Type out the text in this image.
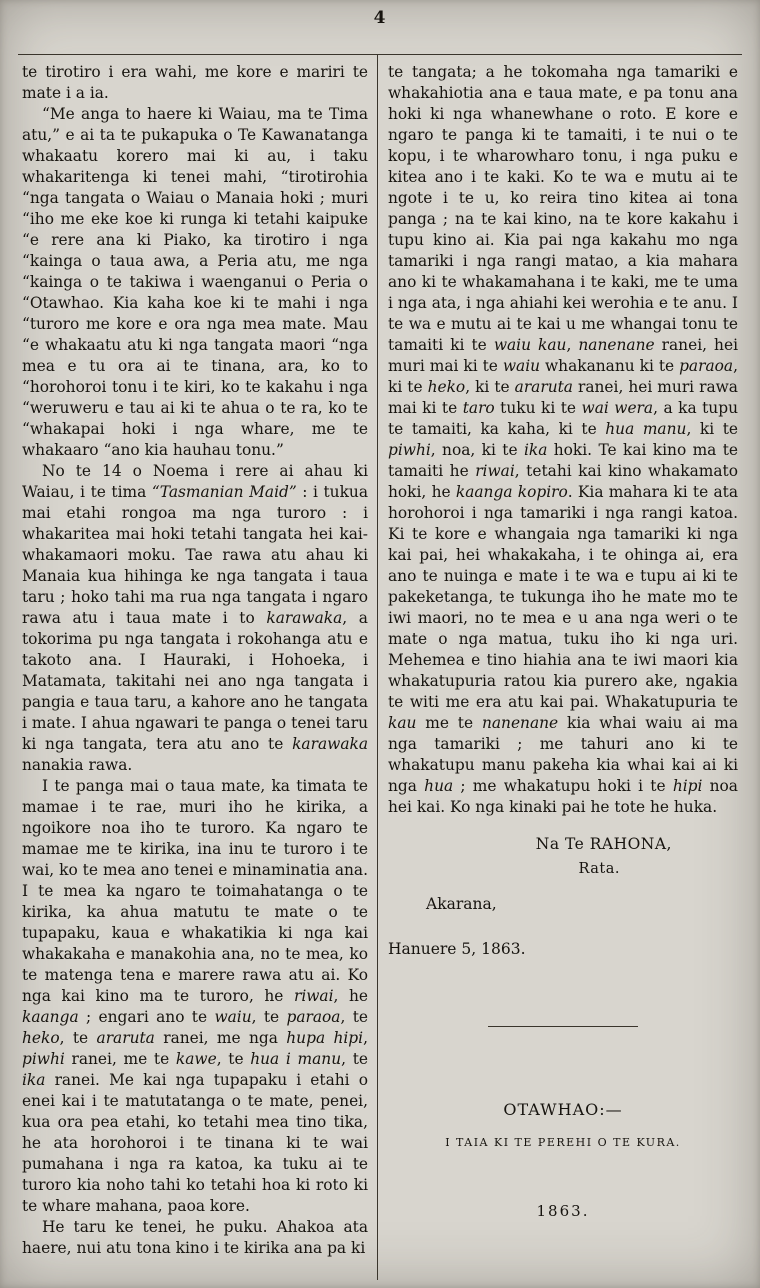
4

te tirotiro i era wahi, me kore e mariri te mate i a ia.

“Me anga to haere ki Waiau, ma te Tima atu,” e ai ta te pukapuka o Te Kawanatanga whakaatu korero mai ki au, i taku whakaritenga ki tenei mahi, “tirotirohia “nga tangata o Waiau o Manaia hoki ; muri “iho me eke koe ki runga ki tetahi kaipuke “e rere ana ki Piako, ka tirotiro i nga “kainga o taua awa, a Peria atu, me nga “kainga o te takiwa i waenganui o Peria o “Otawhao. Kia kaha koe ki te mahi i nga “turoro me kore e ora nga mea mate. Mau “e whakaatu atu ki nga tangata maori “nga mea e tu ora ai te tinana, ara, ko to “horohoroi tonu i te kiri, ko te kakahu i nga “weruweru e tau ai ki te ahua o te ra, ko te “whakapai hoki i nga whare, me te whakaaro “ano kia hauhau tonu.”

No te 14 o Noema i rere ai ahau ki Waiau, i te tima “Tasmanian Maid” : i tukua mai etahi rongoa ma nga turoro : i whakaritea mai hoki tetahi tangata hei kai-whakamaori moku. Tae rawa atu ahau ki Manaia kua hihinga ke nga tangata i taua taru ; hoko tahi ma rua nga tangata i ngaro rawa atu i taua mate i to karawaka, a tokorima pu nga tangata i rokohanga atu e takoto ana. I Hauraki, i Hohoeka, i Matamata, takitahi nei ano nga tangata i pangia e taua taru, a kahore ano he tangata i mate. I ahua ngawari te panga o tenei taru ki nga tangata, tera atu ano te karawaka nanakia rawa.

I te panga mai o taua mate, ka timata te mamae i te rae, muri iho he kirika, a ngoikore noa iho te turoro. Ka ngaro te mamae me te kirika, ina inu te turoro i te wai, ko te mea ano tenei e minaminatia ana. I te mea ka ngaro te toimahatanga o te kirika, ka ahua matutu te mate o te tupapaku, kaua e whakatikia ki nga kai whakakaha e manakohia ana, no te mea, ko te matenga tena e marere rawa atu ai. Ko nga kai kino ma te turoro, he riwai, he kaanga ; engari ano te waiu, te paraoa, te heko, te araruta ranei, me nga hupa hipi, piwhi ranei, me te kawe, te hua i manu, te ika ranei. Me kai nga tupapaku i etahi o enei kai i te matutatanga o te mate, penei, kua ora pea etahi, ko tetahi mea tino tika, he ata horohoroi i te tinana ki te wai pumahana i nga ra katoa, ka tuku ai te turoro kia noho tahi ko tetahi hoa ki roto ki te whare mahana, paoa kore.

He taru ke tenei, he puku. Ahakoa ata haere, nui atu tona kino i te kirika ana pa ki

te tangata; a he tokomaha nga tamariki e whakahiotia ana e taua mate, e pa tonu ana hoki ki nga whanewhane o roto. E kore e ngaro te panga ki te tamaiti, i te nui o te kopu, i te wharowharo tonu, i nga puku e kitea ano i te kaki. Ko te wa e mutu ai te ngote i te u, ko reira tino kitea ai tona panga ; na te kai kino, na te kore kakahu i tupu kino ai. Kia pai nga kakahu mo nga tamariki i nga rangi matao, a kia mahara ano ki te whakamahana i te kaki, me te uma i nga ata, i nga ahiahi kei werohia e te anu. I te wa e mutu ai te kai u me whangai tonu te tamaiti ki te waiu kau, nanenane ranei, hei muri mai ki te waiu whakananu ki te paraoa, ki te heko, ki te araruta ranei, hei muri rawa mai ki te taro tuku ki te wai wera, a ka tupu te tamaiti, ka kaha, ki te hua manu, ki te piwhi, noa, ki te ika hoki. Te kai kino ma te tamaiti he riwai, tetahi kai kino whakamato hoki, he kaanga kopiro. Kia mahara ki te ata horohoroi i nga tamariki i nga rangi katoa. Ki te kore e whangaia nga tamariki ki nga kai pai, hei whakakaha, i te ohinga ai, era ano te nuinga e mate i te wa e tupu ai ki te pakeketanga, te tukunga iho he mate mo te iwi maori, no te mea e u ana nga weri o te mate o nga matua, tuku iho ki nga uri. Mehemea e tino hiahia ana te iwi maori kia whakatupuria ratou kia purero ake, ngakia te witi me era atu kai pai. Whakatupuria te kau me te nanenane kia whai waiu ai ma nga tamariki ; me tahuri ano ki te whakatupu manu pakeha kia whai kai ai ki nga hua ; me whakatupu hoki i te hipi noa hei kai. Ko nga kinaki pai he tote he huka.

Na Te RAHONA,
Rata.
Akarana,
Hanuere 5, 1863.
OTAWHAO:—
I TAIA KI TE PEREHI O TE KURA.
1863.
